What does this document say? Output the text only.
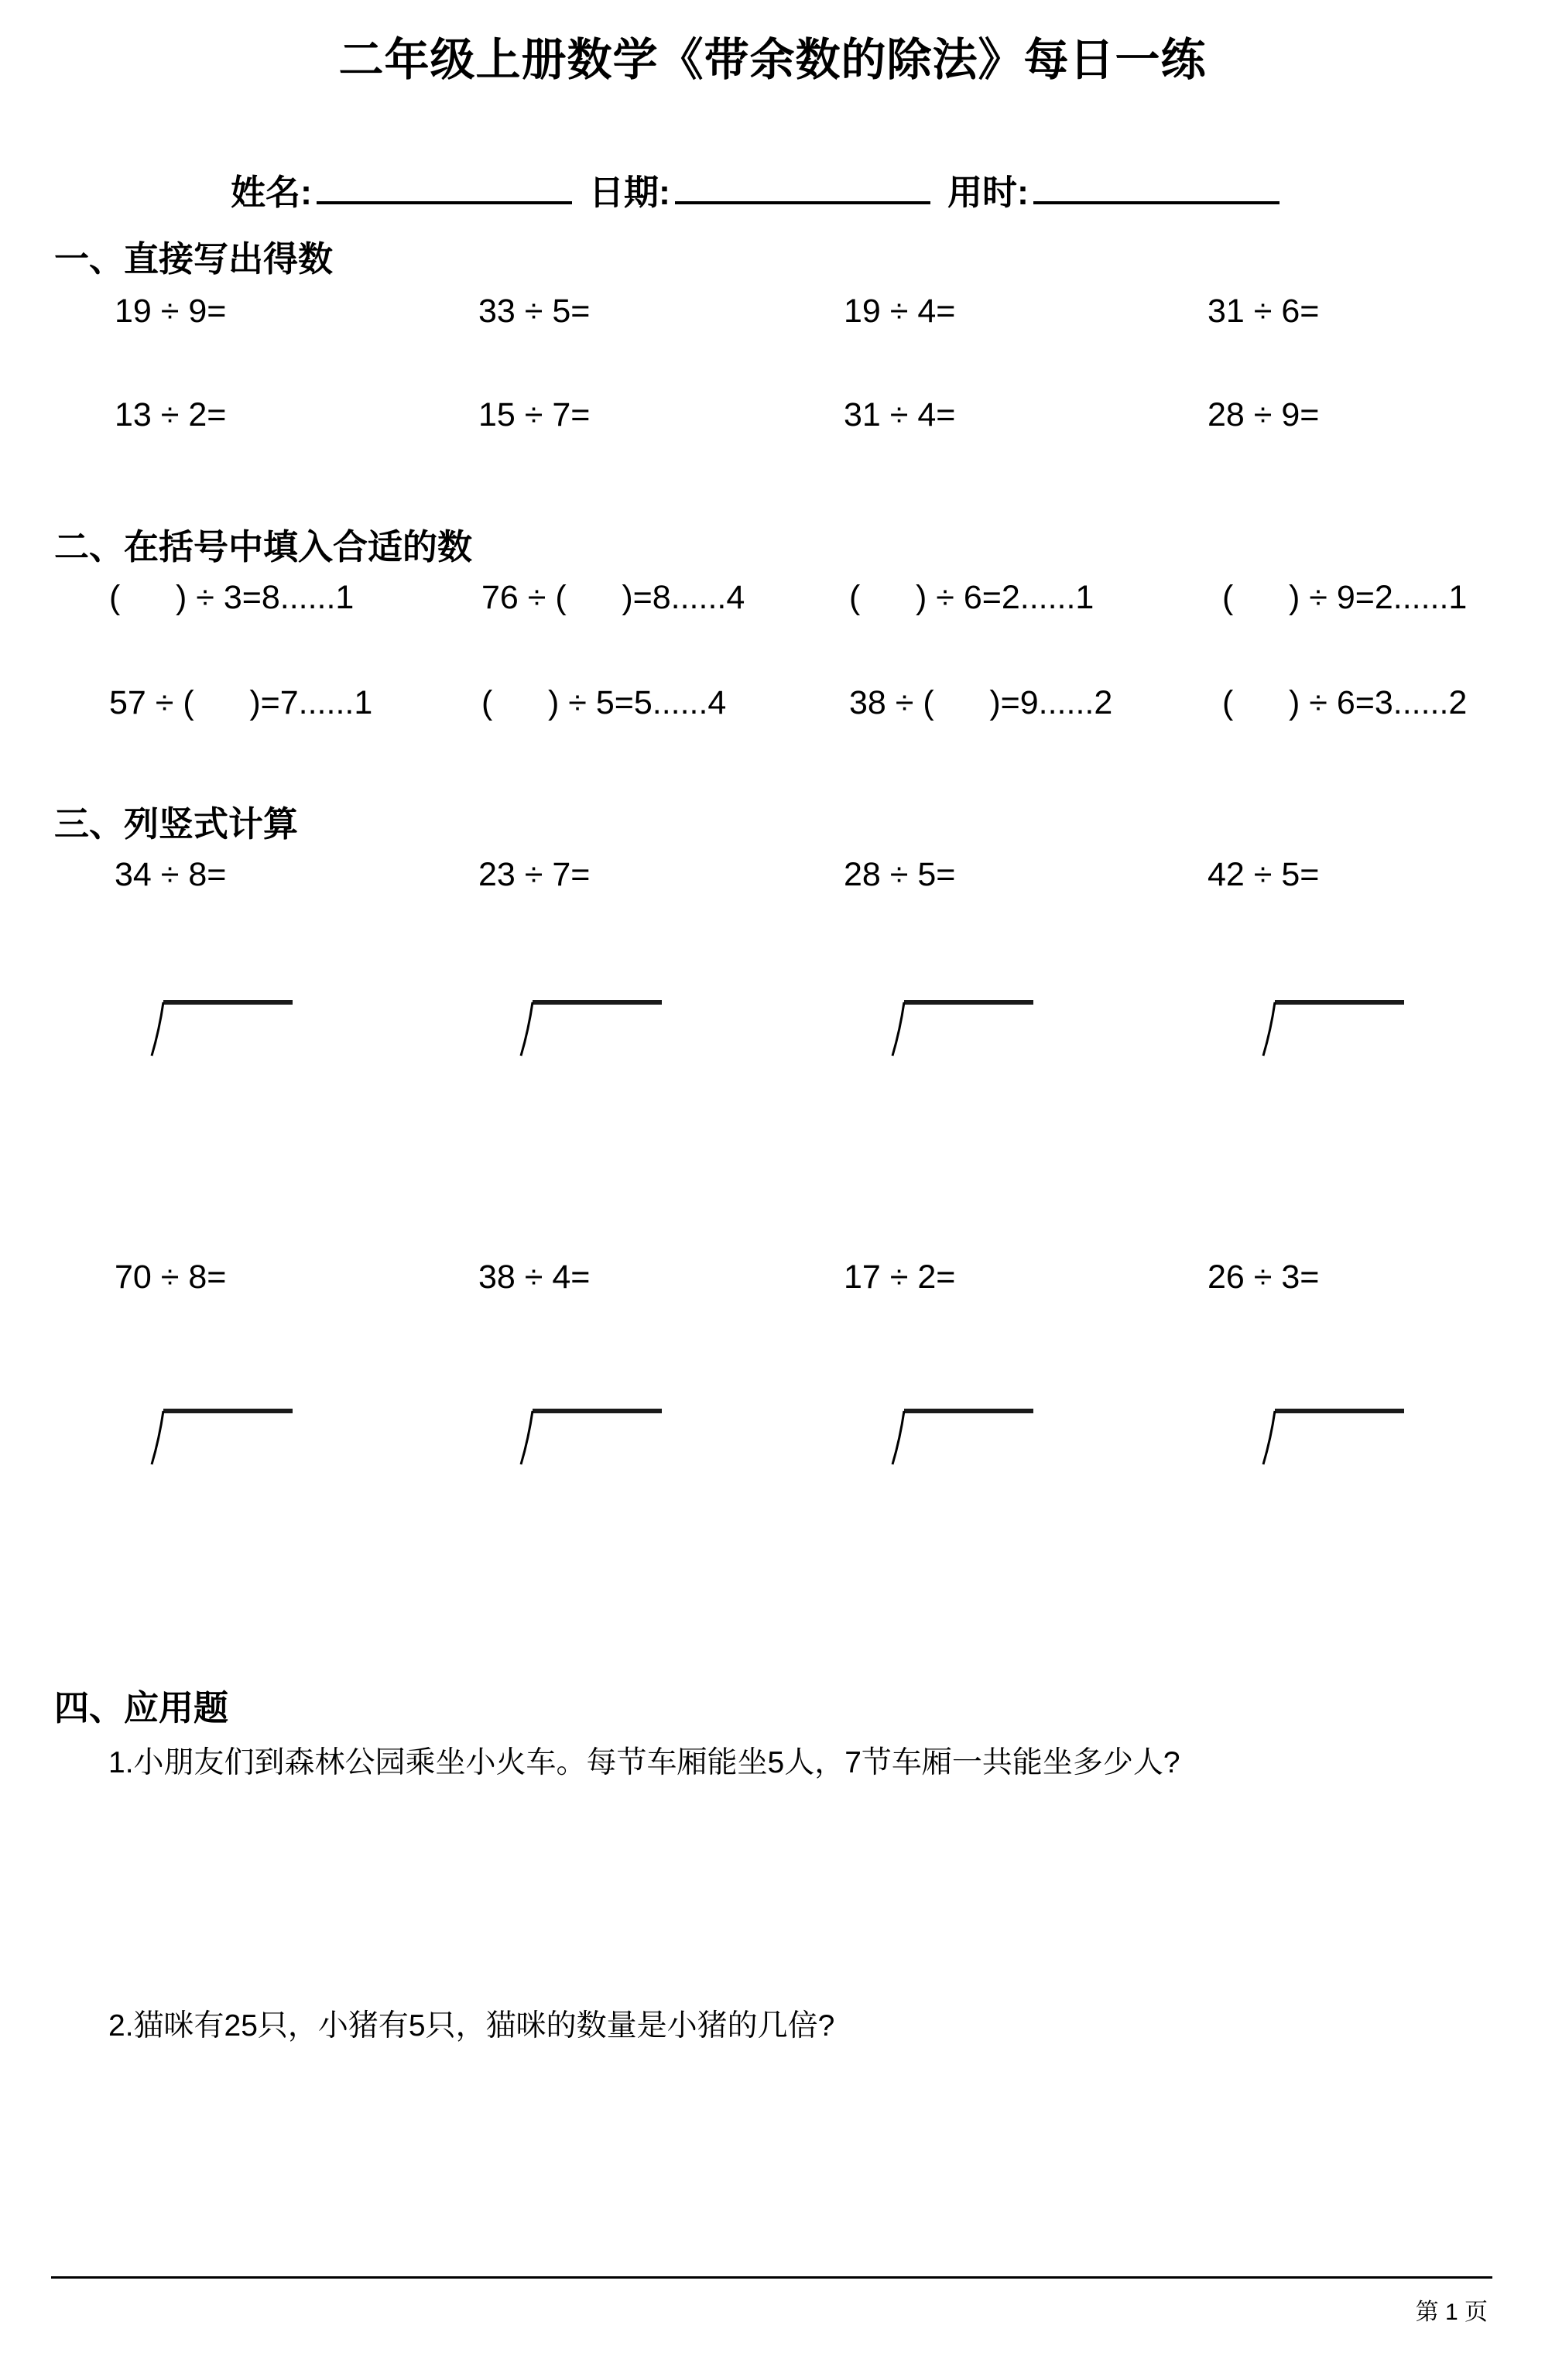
二年级上册数学《带余数的除法》每日一练
姓名:	日期:	用时:
一、直接写出得数
19 ÷ 9=	33 ÷ 5=	19 ÷ 4=	31 ÷ 6=
13 ÷ 2=	15 ÷ 7=	31 ÷ 4=	28 ÷ 9=
二、在括号中填入合适的数
(      ) ÷ 3=8......1	76 ÷ (      )=8......4	(      ) ÷ 6=2......1	(      ) ÷ 9=2......1
57 ÷ (      )=7......1	(      ) ÷ 5=5......4	38 ÷ (      )=9......2	(      ) ÷ 6=3......2
三、列竖式计算
34 ÷ 8=	23 ÷ 7=	28 ÷ 5=	42 ÷ 5=
70 ÷ 8=	38 ÷ 4=	17 ÷ 2=	26 ÷ 3=
四、应用题
1.小朋友们到森林公园乘坐小火车。每节车厢能坐5人，7节车厢一共能坐多少人?
2.猫咪有25只，小猪有5只，猫咪的数量是小猪的几倍?
第 1 页
